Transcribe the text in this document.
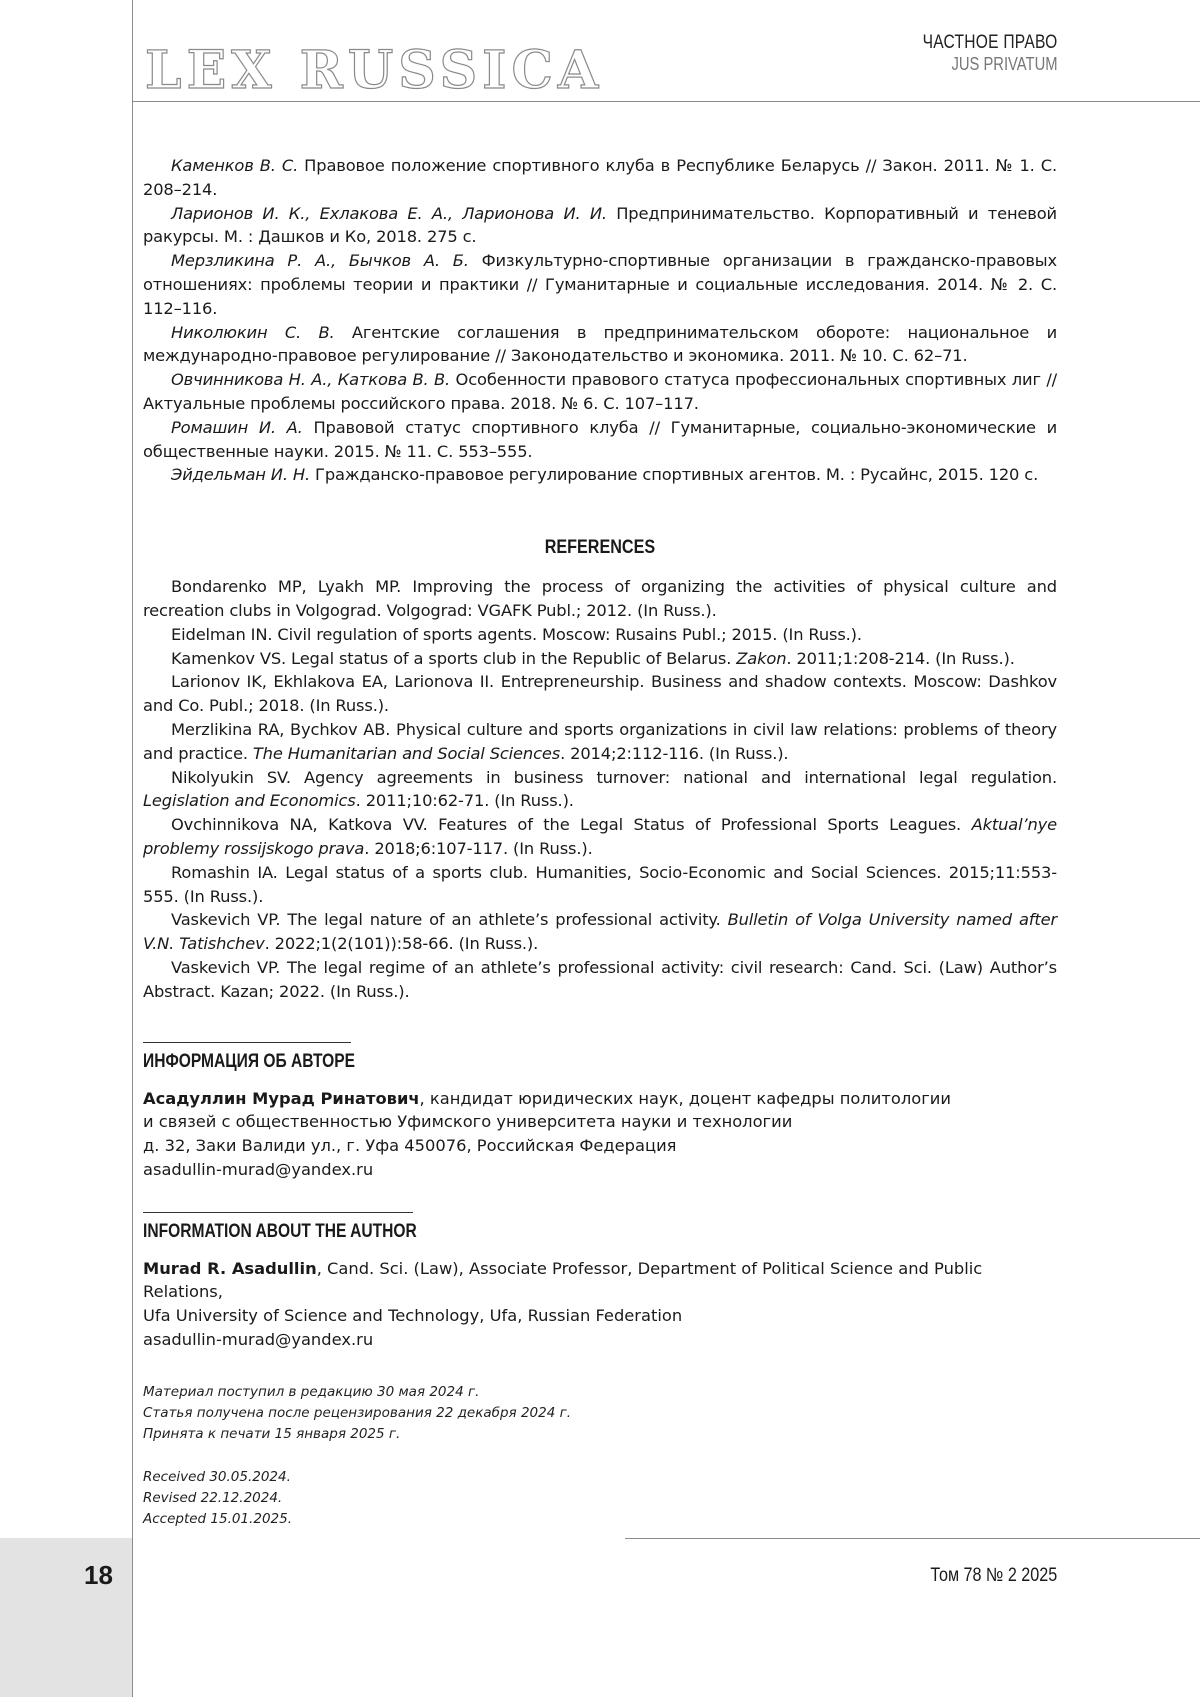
LEX RUSSICA	ЧАСТНОЕ ПРАВО
JUS PRIVATUM

Каменков В. С. Правовое положение спортивного клуба в Республике Беларусь // Закон. 2011. № 1. С. 208–214.

Ларионов И. К., Ехлакова Е. А., Ларионова И. И. Предпринимательство. Корпоративный и теневой ракурсы. М. : Дашков и Ко, 2018. 275 с.

Мерзликина Р. А., Бычков А. Б. Физкультурно-спортивные организации в гражданско-правовых отношениях: проблемы теории и практики // Гуманитарные и социальные исследования. 2014. № 2. С. 112–116.

Николюкин С. В. Агентские соглашения в предпринимательском обороте: национальное и международно-правовое регулирование // Законодательство и экономика. 2011. № 10. С. 62–71.

Овчинникова Н. А., Каткова В. В. Особенности правового статуса профессиональных спортивных лиг // Актуальные проблемы российского права. 2018. № 6. С. 107–117.

Ромашин И. А. Правовой статус спортивного клуба // Гуманитарные, социально-экономические и общественные науки. 2015. № 11. С. 553–555.

Эйдельман И. Н. Гражданско-правовое регулирование спортивных агентов. М. : Русайнс, 2015. 120 с.

REFERENCES

Bondarenko MP, Lyakh MP. Improving the process of organizing the activities of physical culture and recreation clubs in Volgograd. Volgograd: VGAFK Publ.; 2012. (In Russ.).

Eidelman IN. Civil regulation of sports agents. Moscow: Rusains Publ.; 2015. (In Russ.).

Kamenkov VS. Legal status of a sports club in the Republic of Belarus. Zakon. 2011;1:208-214. (In Russ.).

Larionov IK, Ekhlakova EA, Larionova II. Entrepreneurship. Business and shadow contexts. Moscow: Dashkov and Co. Publ.; 2018. (In Russ.).

Merzlikina RA, Bychkov AB. Physical culture and sports organizations in civil law relations: problems of theory and practice. The Humanitarian and Social Sciences. 2014;2:112-116. (In Russ.).

Nikolyukin SV. Agency agreements in business turnover: national and international legal regulation. Legislation and Economics. 2011;10:62-71. (In Russ.).

Ovchinnikova NA, Katkova VV. Features of the Legal Status of Professional Sports Leagues. Aktual’nye problemy rossijskogo prava. 2018;6:107-117. (In Russ.).

Romashin IA. Legal status of a sports club. Humanities, Socio-Economic and Social Sciences. 2015;11:553-555. (In Russ.).

Vaskevich VP. The legal nature of an athlete’s professional activity. Bulletin of Volga University named after V.N. Tatishchev. 2022;1(2(101)):58-66. (In Russ.).

Vaskevich VP. The legal regime of an athlete’s professional activity: civil research: Cand. Sci. (Law) Author’s Abstract. Kazan; 2022. (In Russ.).

ИНФОРМАЦИЯ ОБ АВТОРЕ

Асадуллин Мурад Ринатович, кандидат юридических наук, доцент кафедры политологии

и связей с общественностью Уфимского университета науки и технологии

д. 32, Заки Валиди ул., г. Уфа 450076, Российская Федерация

asadullin-murad@yandex.ru

INFORMATION ABOUT THE AUTHOR

Murad R. Asadullin, Cand. Sci. (Law), Associate Professor, Department of Political Science and Public Relations,

Ufa University of Science and Technology, Ufa, Russian Federation

asadullin-murad@yandex.ru

Материал поступил в редакцию 30 мая 2024 г.

Статья получена после рецензирования 22 декабря 2024 г.

Принята к печати 15 января 2025 г.

Received 30.05.2024.

Revised 22.12.2024.

Accepted 15.01.2025.

18	Том 78 № 2 2025
